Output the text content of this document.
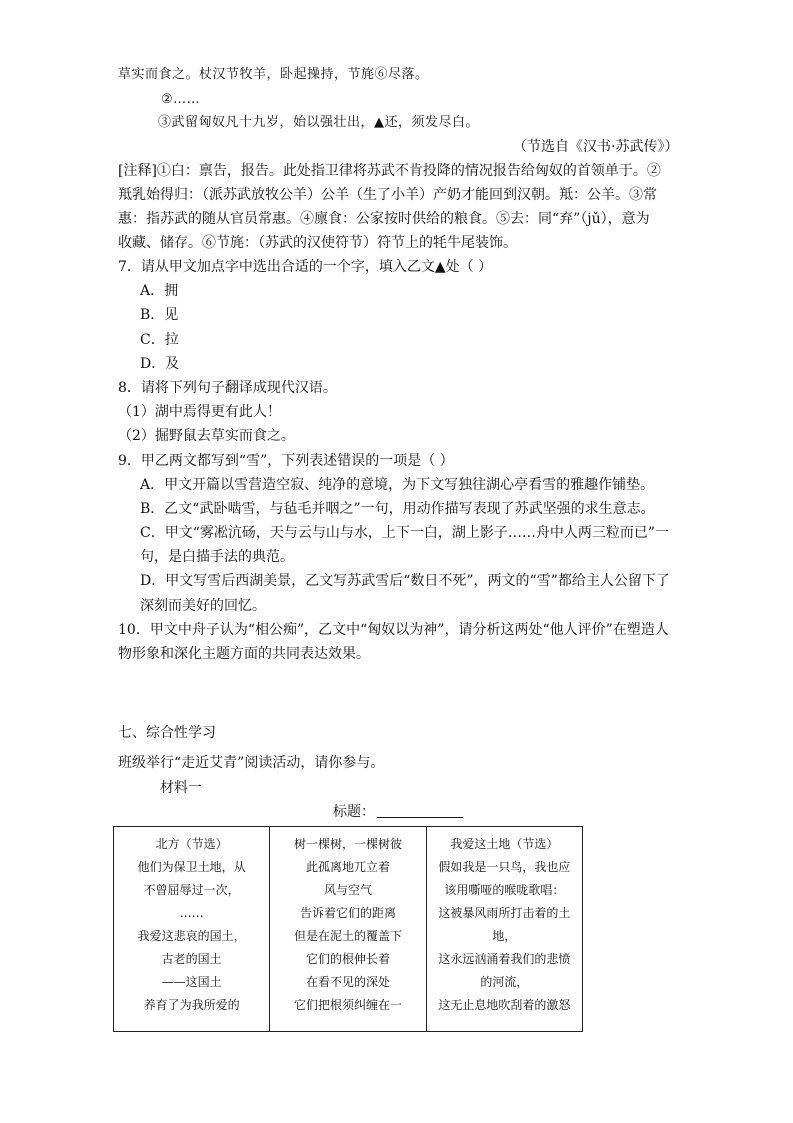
草实而食之。杖汉节牧羊，卧起操持，节旄⑥尽落。
②……
③武留匈奴凡十九岁，始以强壮出，▲还，须发尽白。
（节选自《汉书·苏武传》）
[注释]①白：禀告，报告。此处指卫律将苏武不肯投降的情况报告给匈奴的首领单于。②
羝乳始得归：（派苏武放牧公羊）公羊（生了小羊）产奶才能回到汉朝。羝：公羊。③常
惠：指苏武的随从官员常惠。④廪食：公家按时供给的粮食。⑤去：同“弃”（jǔ），意为
收藏、储存。⑥节旄：（苏武的汉使符节）符节上的牦牛尾装饰。
7．请从甲文加点字中选出合适的一个字，填入乙文▲处（ ）
A．拥
B．见
C．拉
D．及
8．请将下列句子翻译成现代汉语。
（1）湖中焉得更有此人！
（2）掘野鼠去草实而食之。
9．甲乙两文都写到“雪”，下列表述错误的一项是（ ）
A．甲文开篇以雪营造空寂、纯净的意境，为下文写独往湖心亭看雪的雅趣作铺垫。
B．乙文“武卧啮雪，与毡毛并咽之”一句，用动作描写表现了苏武坚强的求生意志。
C．甲文“雾凇沆砀，天与云与山与水，上下一白，湖上影子……舟中人两三粒而已”一
句，是白描手法的典范。
D．甲文写雪后西湖美景，乙文写苏武雪后“数日不死”，两文的“雪”都给主人公留下了
深刻而美好的回忆。
10．甲文中舟子认为“相公痴”，乙文中“匈奴以为神”，请分析这两处“他人评价”在塑造人
物形象和深化主题方面的共同表达效果。
七、综合性学习
班级举行“走近艾青”阅读活动，请你参与。
材料一
标题：
北方（节选）
他们为保卫土地，从
不曾屈辱过一次，
……
我爱这悲哀的国土，
古老的国土
——这国土
养育了为我所爱的

树一棵树，一棵树彼
此孤离地兀立着
风与空气
告诉着它们的距离
但是在泥土的覆盖下
它们的根伸长着
在看不见的深处
它们把根须纠缠在一

我爱这土地（节选）
假如我是一只鸟，我也应
该用嘶哑的喉咙歌唱：
这被暴风雨所打击着的土
地，
这永远汹涌着我们的悲愤
的河流，
这无止息地吹刮着的激怒
